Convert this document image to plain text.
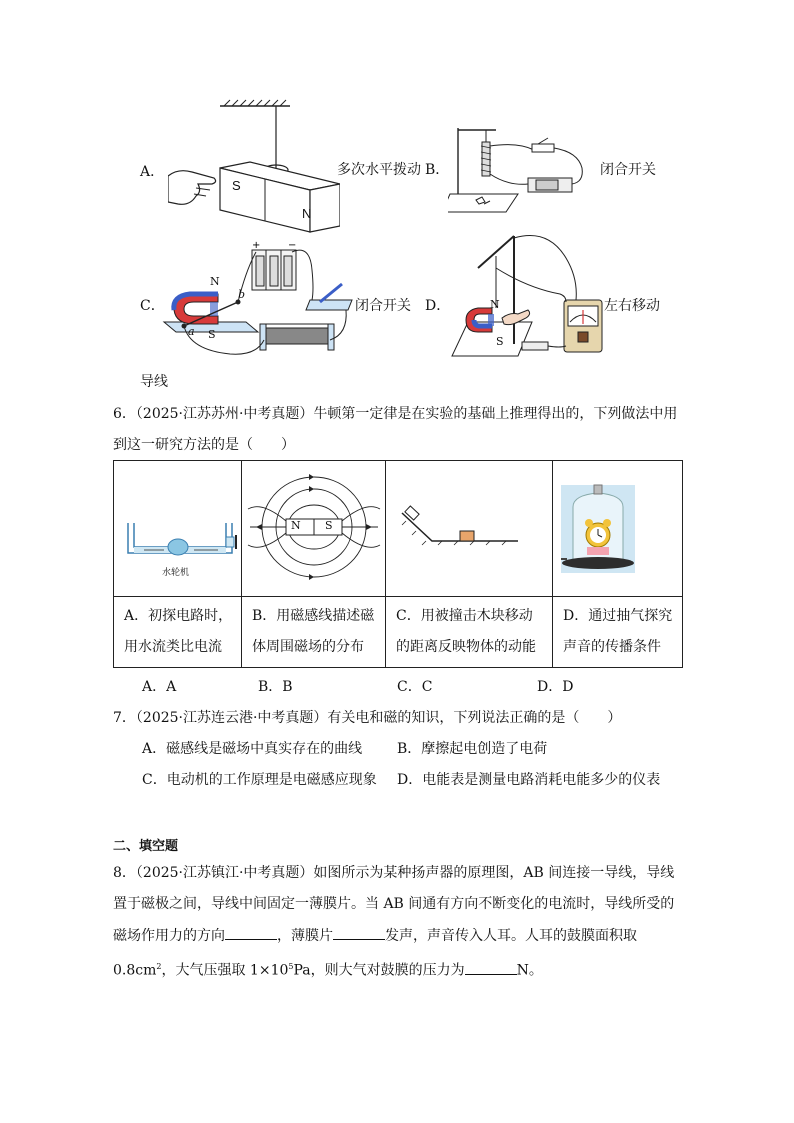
A．
S
N
多次水平拨动 B．	闭合开关
C．
+	−
N
S
a
b
闭合开关 D．	N
S
左右移动
导线
6．（2025·江苏苏州·中考真题）牛顿第一定律是在实验的基础上推理得出的，下列做法中用
到这一研究方法的是（　　）
水轮机	N S

A．初探电路时，用水流类比电流	B．用磁感线描述磁体周围磁场的分布	C．用被撞击木块移动的距离反映物体的动能	D．通过抽气探究声音的传播条件
A．A	B．B	C．C	D．D
7．（2025·江苏连云港·中考真题）有关电和磁的知识，下列说法正确的是（　　）
A．磁感线是磁场中真实存在的曲线 B．摩擦起电创造了电荷
C．电动机的工作原理是电磁感应现象 D．电能表是测量电路消耗电能多少的仪表
二、填空题
8．（2025·江苏镇江·中考真题）如图所示为某种扬声器的原理图，AB 间连接一导线，导线
置于磁极之间，导线中间固定一薄膜片。当 AB 间通有方向不断变化的电流时，导线所受的
磁场作用力的方向	，薄膜片	发声，声音传入人耳。人耳的鼓膜面积取
$0.8cm^2$，大气压强取 $1\times 10^5Pa$，则大气对鼓膜的压力为	N。
